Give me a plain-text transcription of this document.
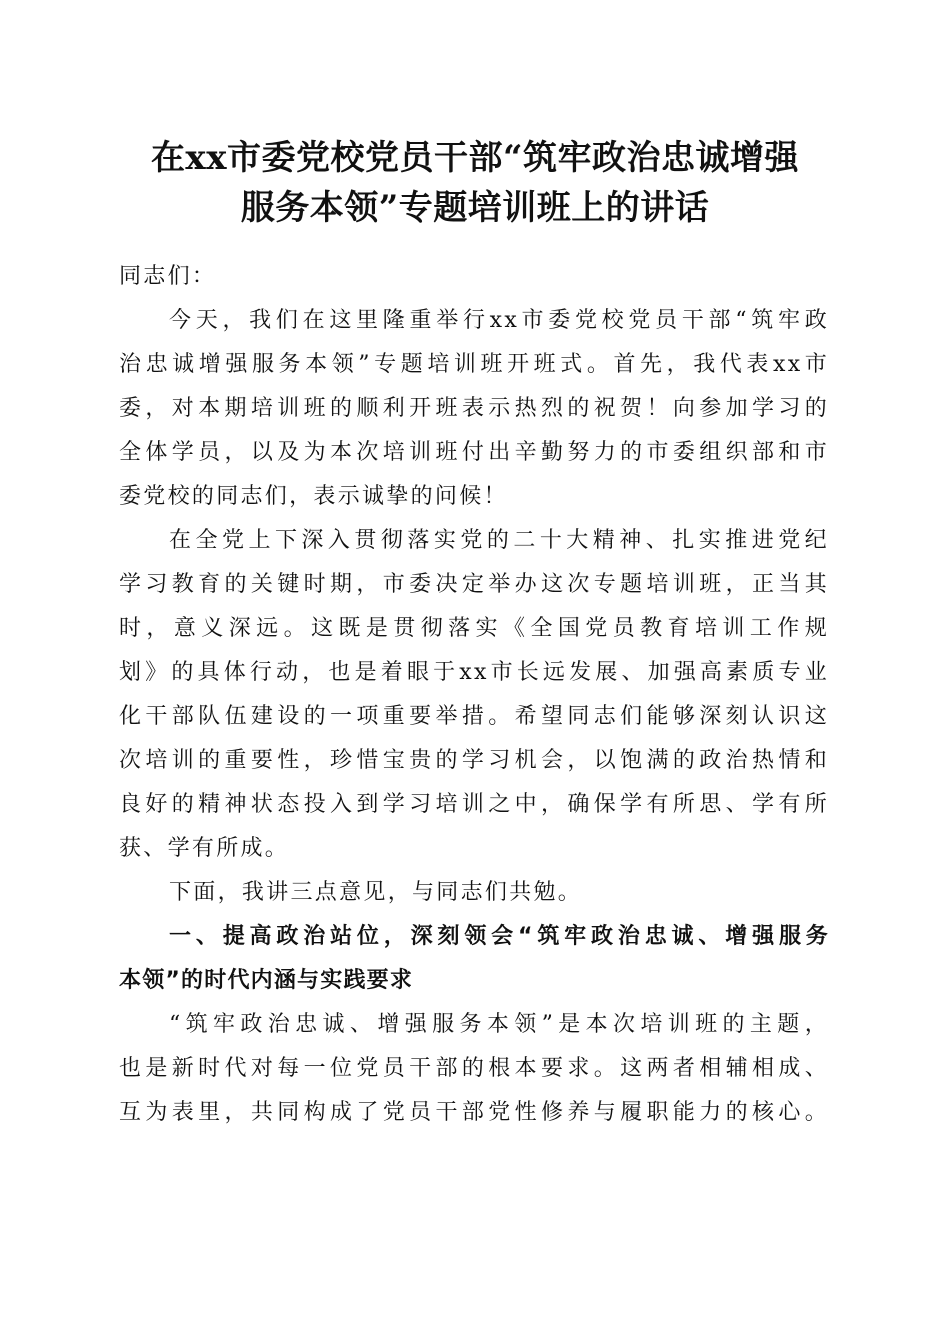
在xx市委党校党员干部“筑牢政治忠诚增强
服务本领”专题培训班上的讲话
同志们：
今天，我们在这里隆重举行xx市委党校党员干部“筑牢政
治忠诚增强服务本领”专题培训班开班式。首先，我代表xx市
委，对本期培训班的顺利开班表示热烈的祝贺！向参加学习的
全体学员，以及为本次培训班付出辛勤努力的市委组织部和市
委党校的同志们，表示诚挚的问候！
在全党上下深入贯彻落实党的二十大精神、扎实推进党纪
学习教育的关键时期，市委决定举办这次专题培训班，正当其
时，意义深远。这既是贯彻落实《全国党员教育培训工作规
划》的具体行动，也是着眼于xx市长远发展、加强高素质专业
化干部队伍建设的一项重要举措。希望同志们能够深刻认识这
次培训的重要性，珍惜宝贵的学习机会，以饱满的政治热情和
良好的精神状态投入到学习培训之中，确保学有所思、学有所
获、学有所成。
下面，我讲三点意见，与同志们共勉。
一、提高政治站位，深刻领会“筑牢政治忠诚、增强服务
本领”的时代内涵与实践要求
“筑牢政治忠诚、增强服务本领”是本次培训班的主题，
也是新时代对每一位党员干部的根本要求。这两者相辅相成、
互为表里，共同构成了党员干部党性修养与履职能力的核心。
